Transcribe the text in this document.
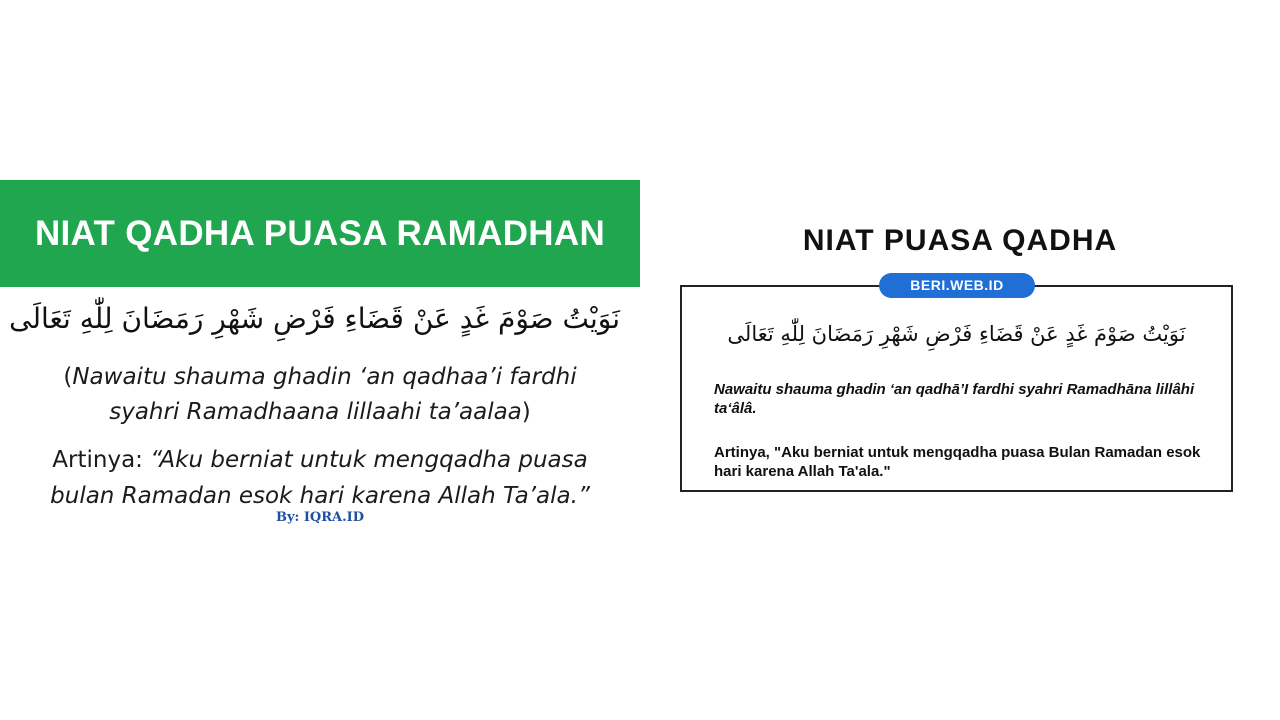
NIAT QADHA PUASA RAMADHAN
نَوَيْتُ صَوْمَ غَدٍ عَنْ قَضَاءِ فَرْضِ شَهْرِ رَمَضَانَ لِلّٰهِ تَعَالَى
(Nawaitu shauma ghadin ‘an qadhaa’i fardhi
syahri Ramadhaana lillaahi ta’aalaa)
Artinya: “Aku berniat untuk mengqadha puasa
bulan Ramadan esok hari karena Allah Ta’ala.”
By: IQRA.ID
NIAT PUASA QADHA
BERI.WEB.ID
نَوَيْتُ صَوْمَ غَدٍ عَنْ قَضَاءِ فَرْضِ شَهْرِ رَمَضَانَ لِلّٰهِ تَعَالَى
Nawaitu shauma ghadin ‘an qadhā’I fardhi syahri Ramadhāna lillâhi ta‘âlâ.
Artinya, "Aku berniat untuk mengqadha puasa Bulan Ramadan esok hari karena Allah Ta'ala."
